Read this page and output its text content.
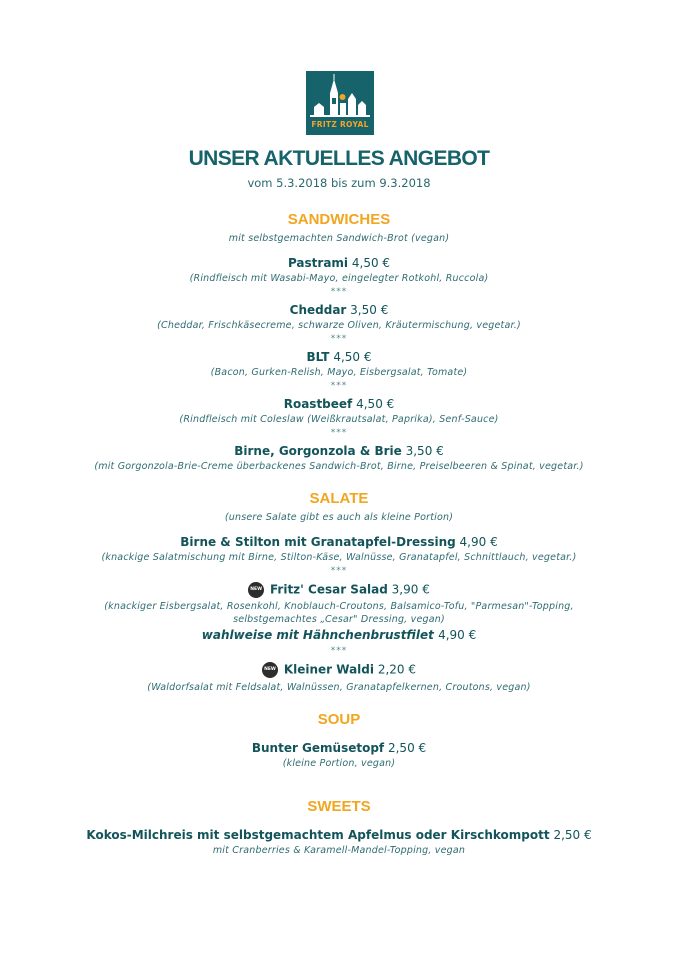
FRITZ ROYAL
UNSER AKTUELLES ANGEBOT
vom 5.3.2018 bis zum 9.3.2018
SANDWICHES
mit selbstgemachten Sandwich-Brot (vegan)
Pastrami 4,50 €
(Rindfleisch mit Wasabi-Mayo, eingelegter Rotkohl, Ruccola)
***
Cheddar 3,50 €
(Cheddar, Frischkäsecreme, schwarze Oliven, Kräutermischung, vegetar.)
***
BLT 4,50 €
(Bacon, Gurken-Relish, Mayo, Eisbergsalat, Tomate)
***
Roastbeef 4,50 €
(Rindfleisch mit Coleslaw (Weißkrautsalat, Paprika), Senf-Sauce)
***
Birne, Gorgonzola & Brie 3,50 €
(mit Gorgonzola-Brie-Creme überbackenes Sandwich-Brot, Birne, Preiselbeeren & Spinat, vegetar.)
SALATE
(unsere Salate gibt es auch als kleine Portion)
Birne & Stilton mit Granatapfel-Dressing 4,90 €
(knackige Salatmischung mit Birne, Stilton-Käse, Walnüsse, Granatapfel, Schnittlauch, vegetar.)
***
NEW Fritz' Cesar Salad 3,90 €
(knackiger Eisbergsalat, Rosenkohl, Knoblauch-Croutons, Balsamico-Tofu, "Parmesan"-Topping,
selbstgemachtes „Cesar" Dressing, vegan)
wahlweise mit Hähnchenbrustfilet 4,90 €
***
NEW Kleiner Waldi 2,20 €
(Waldorfsalat mit Feldsalat, Walnüssen, Granatapfelkernen, Croutons, vegan)
SOUP
Bunter Gemüsetopf 2,50 €
(kleine Portion, vegan)
SWEETS
Kokos-Milchreis mit selbstgemachtem Apfelmus oder Kirschkompott 2,50 €
mit Cranberries & Karamell-Mandel-Topping, vegan
